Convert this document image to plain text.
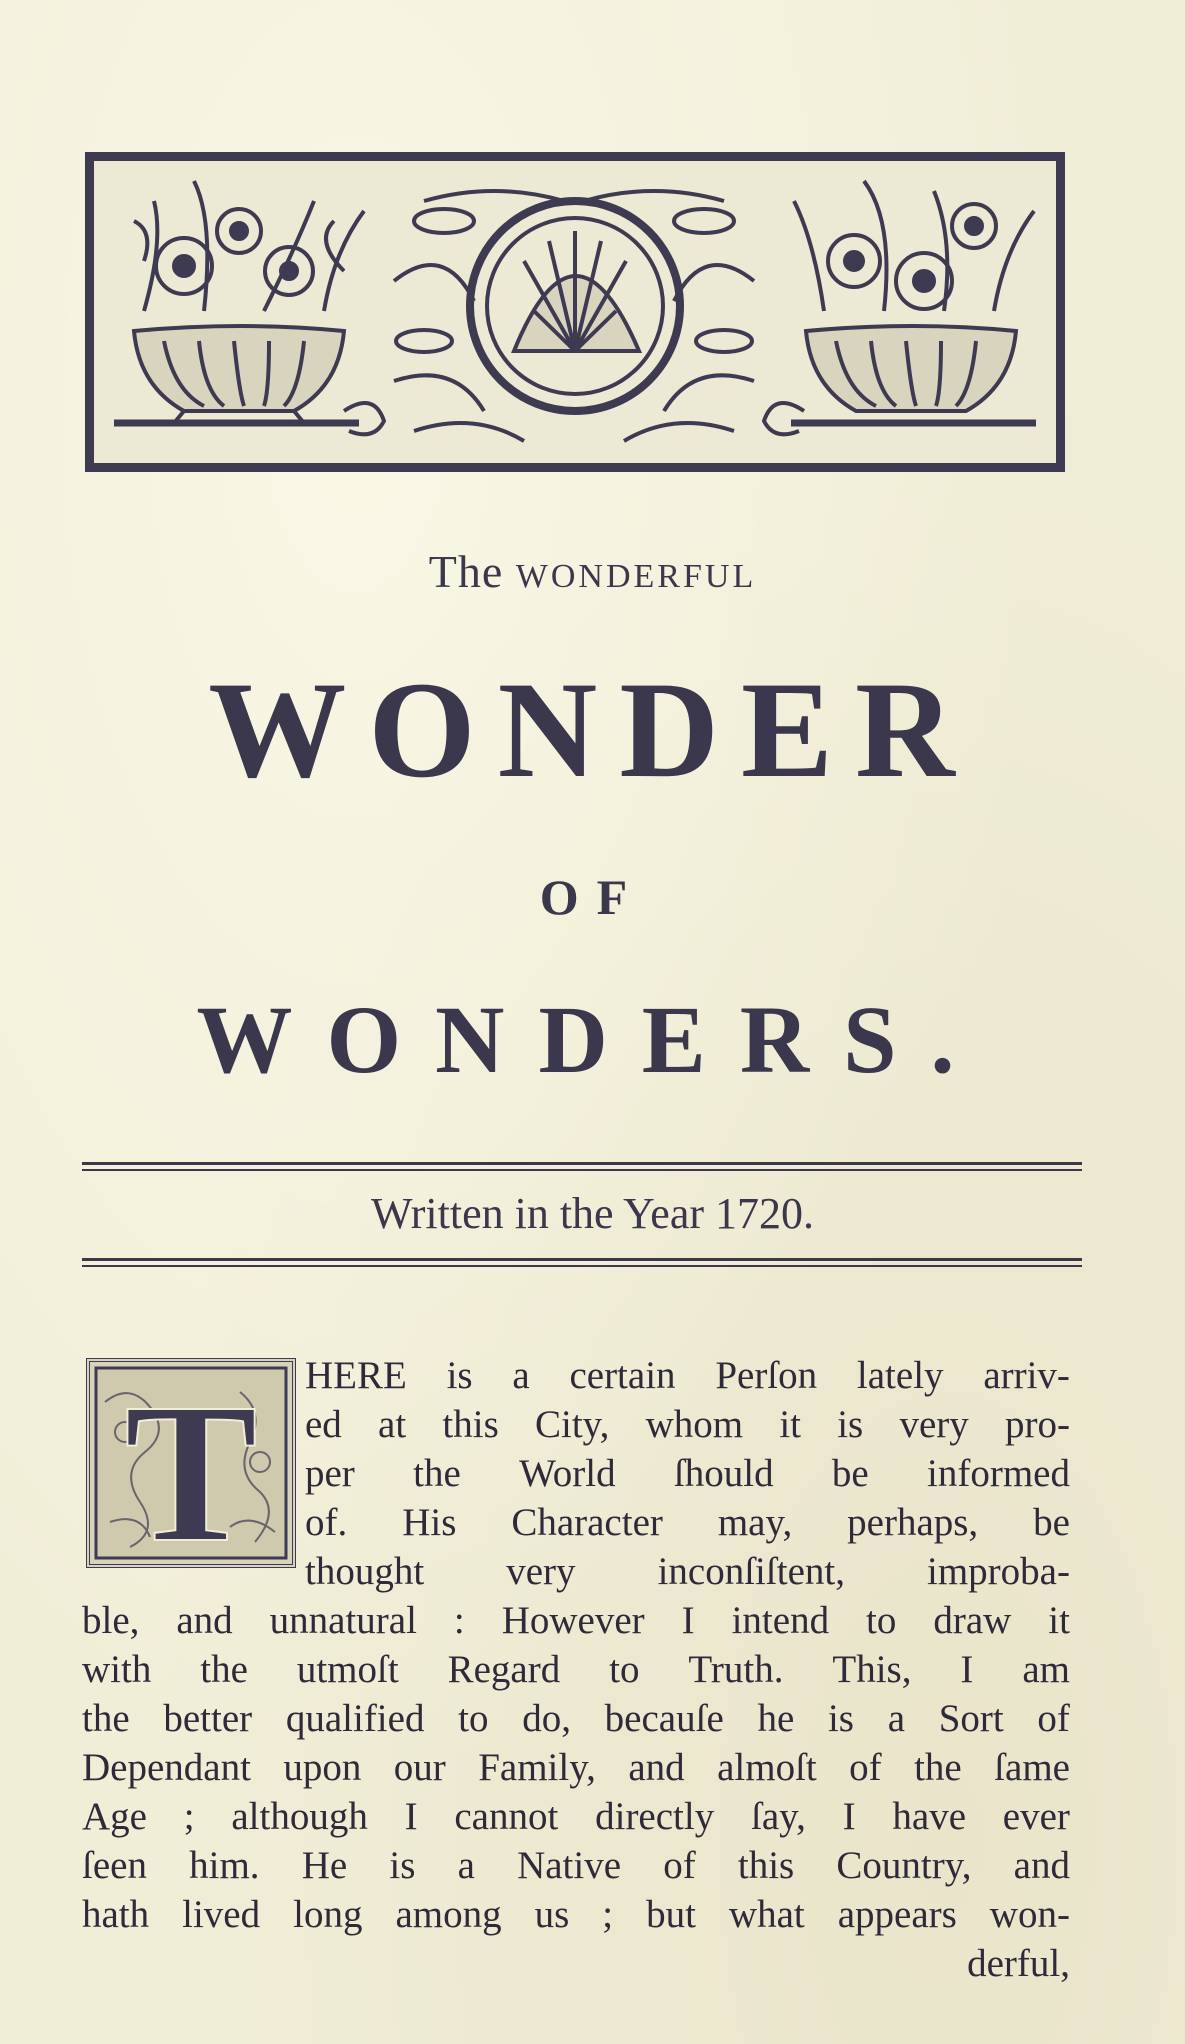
The WONDERFUL
WONDER
OF
WONDERS.
Written in the Year 1720.
T HERE is a certain Perſon lately arriv-
ed at this City, whom it is very pro-
per the World ſhould be informed
of. His Character may, perhaps, be
thought very inconſiſtent, improba-
ble, and unnatural : However I intend to draw it
with the utmoſt Regard to Truth. This, I am
the better qualified to do, becauſe he is a Sort of
Dependant upon our Family, and almoſt of the ſame
Age ; although I cannot directly ſay, I have ever
ſeen him. He is a Native of this Country, and
hath lived long among us ; but what appears won-
derful,
